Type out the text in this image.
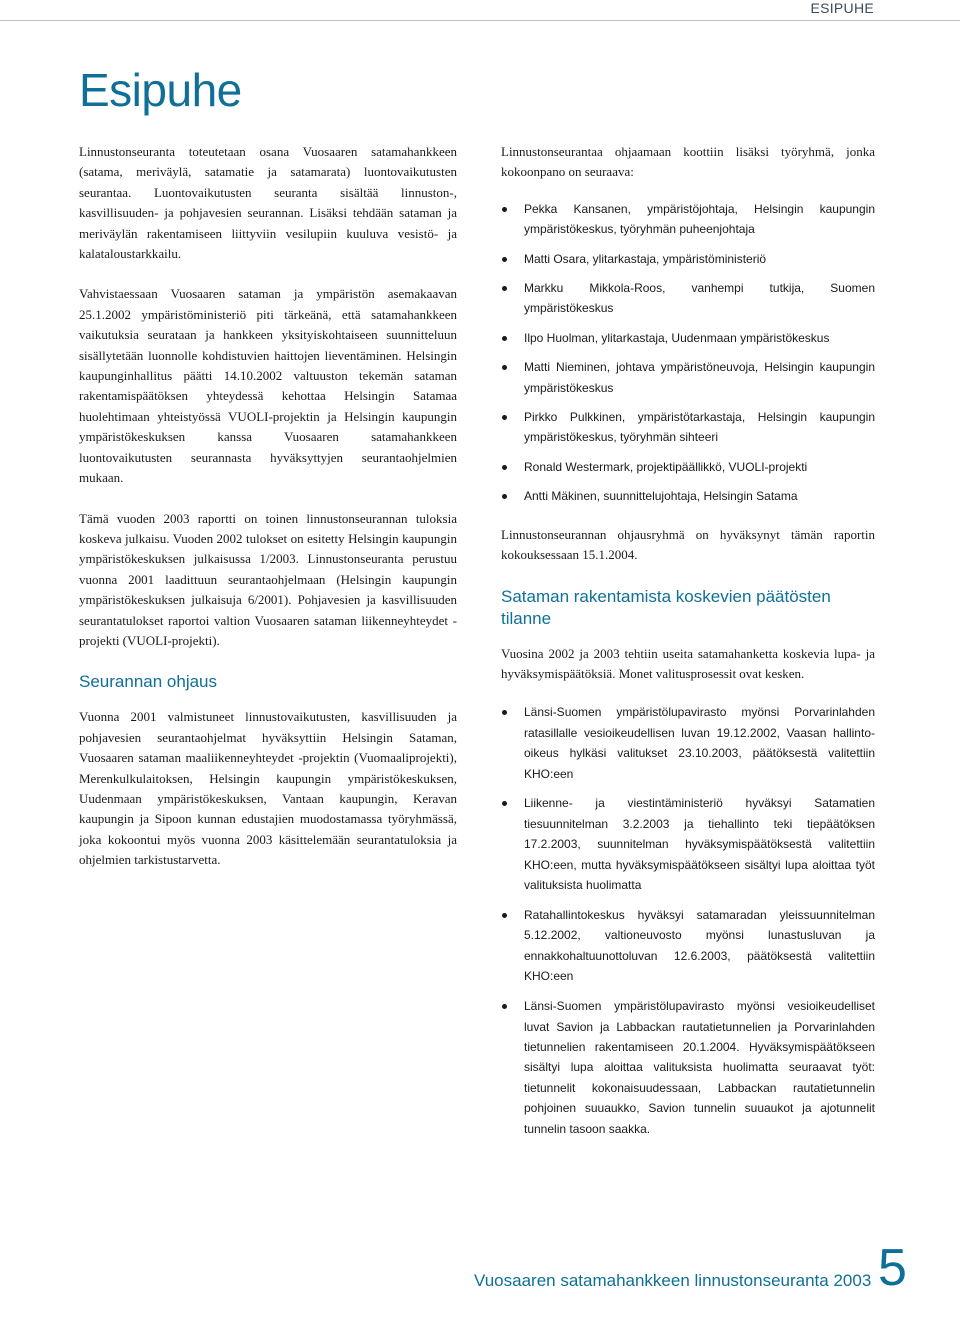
ESIPUHE
Esipuhe

Linnustonseuranta toteutetaan osana Vuosaaren satamahankkeen (satama, meriväylä, satamatie ja satamarata) luontovaikutusten seurantaa. Luontovaikutusten seuranta sisältää linnuston-, kasvillisuuden- ja pohjavesien seurannan. Lisäksi tehdään sataman ja meriväylän rakentamiseen liittyviin vesilupiin kuuluva vesistö- ja kalataloustarkkailu.

Vahvistaessaan Vuosaaren sataman ja ympäristön asemakaavan 25.1.2002 ympäristöministeriö piti tärkeänä, että satamahankkeen vaikutuksia seurataan ja hankkeen yksityiskohtaiseen suunnitteluun sisällytetään luonnolle kohdistuvien haittojen lieventäminen. Helsingin kaupunginhallitus päätti 14.10.2002 valtuuston tekemän sataman rakentamispäätöksen yhteydessä kehottaa Helsingin Satamaa huolehtimaan yhteistyössä VUOLI-projektin ja Helsingin kaupungin ympäristökeskuksen kanssa Vuosaaren satamahankkeen luontovaikutusten seurannasta hyväksyttyjen seurantaohjelmien mukaan.

Tämä vuoden 2003 raportti on toinen linnustonseurannan tuloksia koskeva julkaisu. Vuoden 2002 tulokset on esitetty Helsingin kaupungin ympäristökeskuksen julkaisussa 1/2003. Linnustonseuranta perustuu vuonna 2001 laadittuun seurantaohjelmaan (Helsingin kaupungin ympäristökeskuksen julkaisuja 6/2001). Pohjavesien ja kasvillisuuden seurantatulokset raportoi valtion Vuosaaren sataman liikenneyhteydet -projekti (VUOLI-projekti).

Seurannan ohjaus

Vuonna 2001 valmistuneet linnustovaikutusten, kasvillisuuden ja pohjavesien seurantaohjelmat hyväksyttiin Helsingin Sataman, Vuosaaren sataman maaliikenneyhteydet -projektin (Vuomaaliprojekti), Merenkulkulaitoksen, Helsingin kaupungin ympäristökeskuksen, Uudenmaan ympäristökeskuksen, Vantaan kaupungin, Keravan kaupungin ja Sipoon kunnan edustajien muodostamassa työryhmässä, joka kokoontui myös vuonna 2003 käsittelemään seurantatuloksia ja ohjelmien tarkistustarvetta.

Linnustonseurantaa ohjaamaan koottiin lisäksi työryhmä, jonka kokoonpano on seuraava:

Pekka Kansanen, ympäristöjohtaja, Helsingin kaupungin ympäristökeskus, työryhmän puheenjohtaja
Matti Osara, ylitarkastaja, ympäristöministeriö
Markku Mikkola-Roos, vanhempi tutkija, Suomen ympäristökeskus
Ilpo Huolman, ylitarkastaja, Uudenmaan ympäristökeskus
Matti Nieminen, johtava ympäristöneuvoja, Helsingin kaupungin ympäristökeskus
Pirkko Pulkkinen, ympäristötarkastaja, Helsingin kaupungin ympäristökeskus, työryhmän sihteeri
Ronald Westermark, projektipäällikkö, VUOLI-projekti
Antti Mäkinen, suunnittelujohtaja, Helsingin Satama

Linnustonseurannan ohjausryhmä on hyväksynyt tämän raportin kokouksessaan 15.1.2004.

Sataman rakentamista koskevien päätösten tilanne

Vuosina 2002 ja 2003 tehtiin useita satamahanketta koskevia lupa- ja hyväksymispäätöksiä. Monet valitusprosessit ovat kesken.

Länsi-Suomen ympäristölupavirasto myönsi Porvarinlahden ratasillalle vesioikeudellisen luvan 19.12.2002, Vaasan hallinto-oikeus hylkäsi valitukset 23.10.2003, päätöksestä valitettiin KHO:een
Liikenne- ja viestintäministeriö hyväksyi Satamatien tiesuunnitelman 3.2.2003 ja tiehallinto teki tiepäätöksen 17.2.2003, suunnitelman hyväksymispäätöksestä valitettiin KHO:een, mutta hyväksymispäätökseen sisältyi lupa aloittaa työt valituksista huolimatta
Ratahallintokeskus hyväksyi satamaradan yleissuunnitelman 5.12.2002, valtioneuvosto myönsi lunastusluvan ja ennakkohaltuunottoluvan 12.6.2003, päätöksestä valitettiin KHO:een
Länsi-Suomen ympäristölupavirasto myönsi vesioikeudelliset luvat Savion ja Labbackan rautatietunnelien ja Porvarinlahden tietunnelien rakentamiseen 20.1.2004. Hyväksymispäätökseen sisältyi lupa aloittaa valituksista huolimatta seuraavat työt: tietunnelit kokonaisuudessaan, Labbackan rautatietunnelin pohjoinen suuaukko, Savion tunnelin suuaukot ja ajotunnelit tunnelin tasoon saakka.
Vuosaaren satamahankkeen linnustonseuranta 2003 5
